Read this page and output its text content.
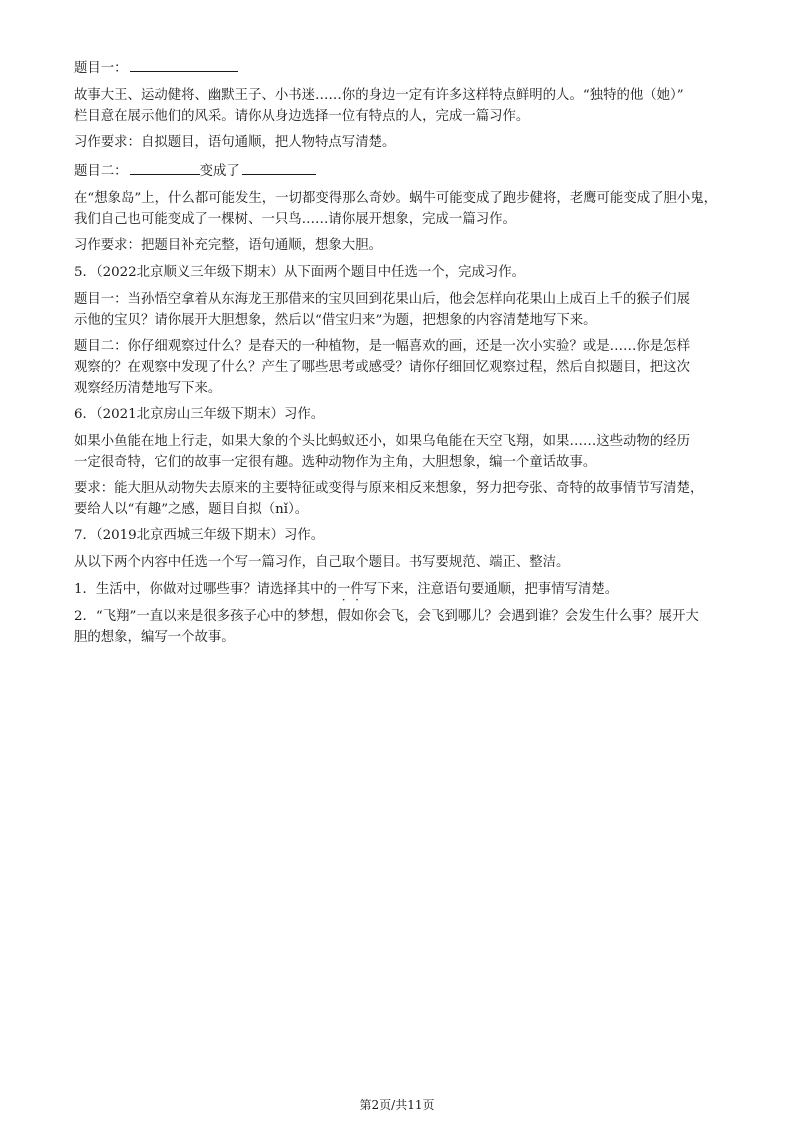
题目一：
故事大王、运动健将、幽默王子、小书迷……你的身边一定有许多这样特点鲜明的人。“独特的他（她）”
栏目意在展示他们的风采。请你从身边选择一位有特点的人，完成一篇习作。
习作要求：自拟题目，语句通顺，把人物特点写清楚。
题目二：	变成了
在“想象岛”上，什么都可能发生，一切都变得那么奇妙。蜗牛可能变成了跑步健将，老鹰可能变成了胆小鬼，
我们自己也可能变成了一棵树、一只鸟……请你展开想象，完成一篇习作。
习作要求：把题目补充完整，语句通顺，想象大胆。
5．（2022北京顺义三年级下期末）从下面两个题目中任选一个，完成习作。
题目一：当孙悟空拿着从东海龙王那借来的宝贝回到花果山后，他会怎样向花果山上成百上千的猴子们展
示他的宝贝？请你展开大胆想象，然后以“借宝归来”为题，把想象的内容清楚地写下来。
题目二：你仔细观察过什么？是春天的一种植物，是一幅喜欢的画，还是一次小实验？或是……你是怎样
观察的？在观察中发现了什么？产生了哪些思考或感受？请你仔细回忆观察过程，然后自拟题目，把这次
观察经历清楚地写下来。
6．（2021北京房山三年级下期末）习作。
如果小鱼能在地上行走，如果大象的个头比蚂蚁还小，如果乌龟能在天空飞翔，如果……这些动物的经历
一定很奇特，它们的故事一定很有趣。选种动物作为主角，大胆想象，编一个童话故事。
要求：能大胆从动物失去原来的主要特征或变得与原来相反来想象，努力把夸张、奇特的故事情节写清楚，
要给人以“有趣”之感，题目自拟（nǐ）。
7．（2019北京西城三年级下期末）习作。
从以下两个内容中任选一个写一篇习作，自己取个题目。书写要规范、端正、整洁。
1．生活中，你做对过哪些事？请选择其中的一件写下来，注意语句要通顺，把事情写清楚。
2．“飞翔”一直以来是很多孩子心中的梦想，假如你会飞，会飞到哪儿？会遇到谁？会发生什么事？展开大
胆的想象，编写一个故事。
第2页/共11页
